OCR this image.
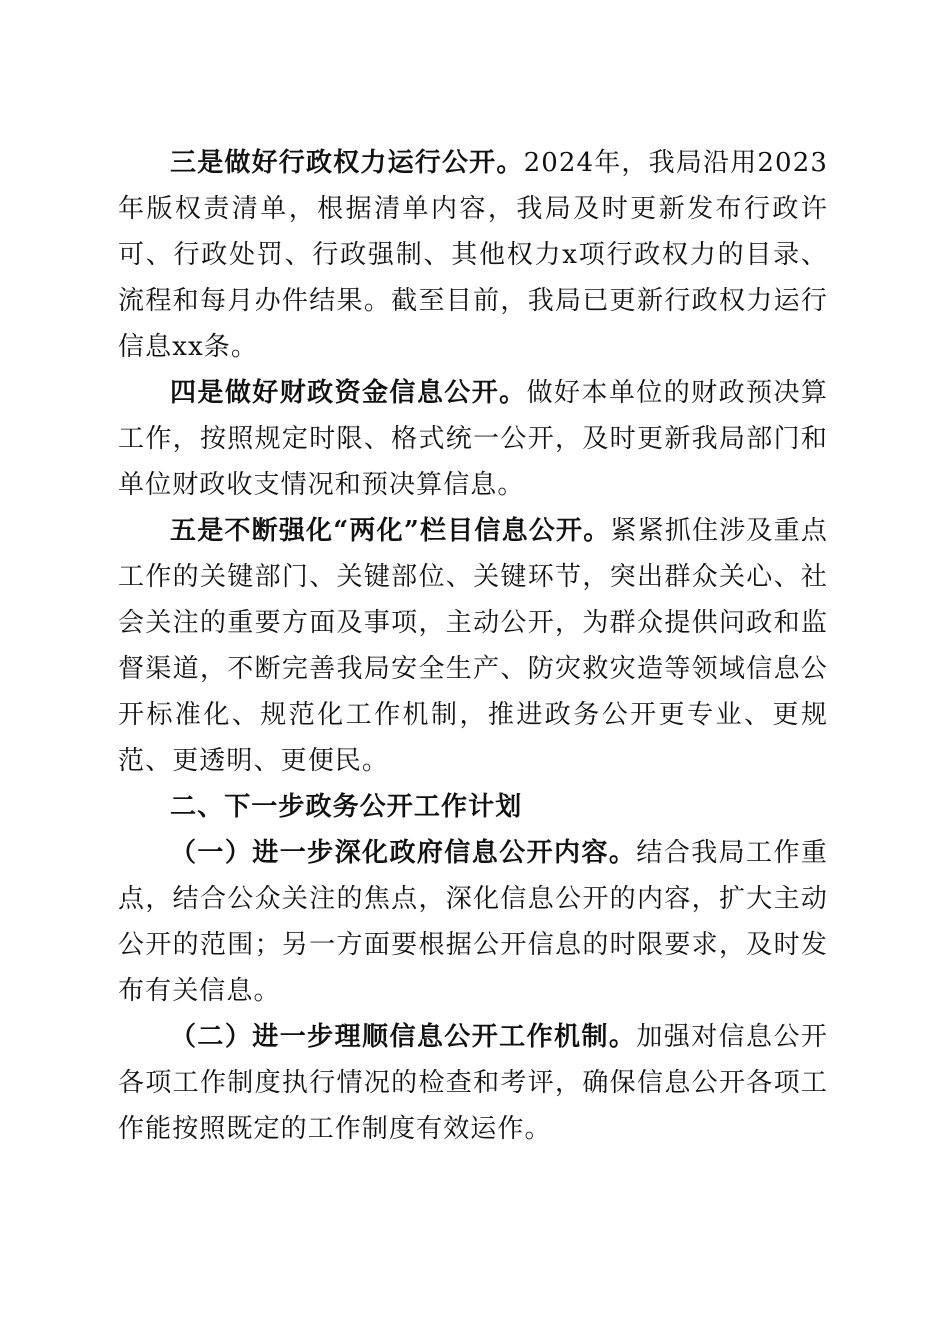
三是做好行政权力运行公开。2024年，我局沿用2023年版权责清单，根据清单内容，我局及时更新发布行政许可、行政处罚、行政强制、其他权力x项行政权力的目录、流程和每月办件结果。截至目前，我局已更新行政权力运行信息xx条。

四是做好财政资金信息公开。做好本单位的财政预决算工作，按照规定时限、格式统一公开，及时更新我局部门和单位财政收支情况和预决算信息。

五是不断强化“两化”栏目信息公开。紧紧抓住涉及重点工作的关键部门、关键部位、关键环节，突出群众关心、社会关注的重要方面及事项，主动公开，为群众提供问政和监督渠道，不断完善我局安全生产、防灾救灾造等领域信息公开标准化、规范化工作机制，推进政务公开更专业、更规范、更透明、更便民。

二、下一步政务公开工作计划

（一）进一步深化政府信息公开内容。结合我局工作重点，结合公众关注的焦点，深化信息公开的内容，扩大主动公开的范围；另一方面要根据公开信息的时限要求，及时发布有关信息。

（二）进一步理顺信息公开工作机制。加强对信息公开各项工作制度执行情况的检查和考评，确保信息公开各项工作能按照既定的工作制度有效运作。
